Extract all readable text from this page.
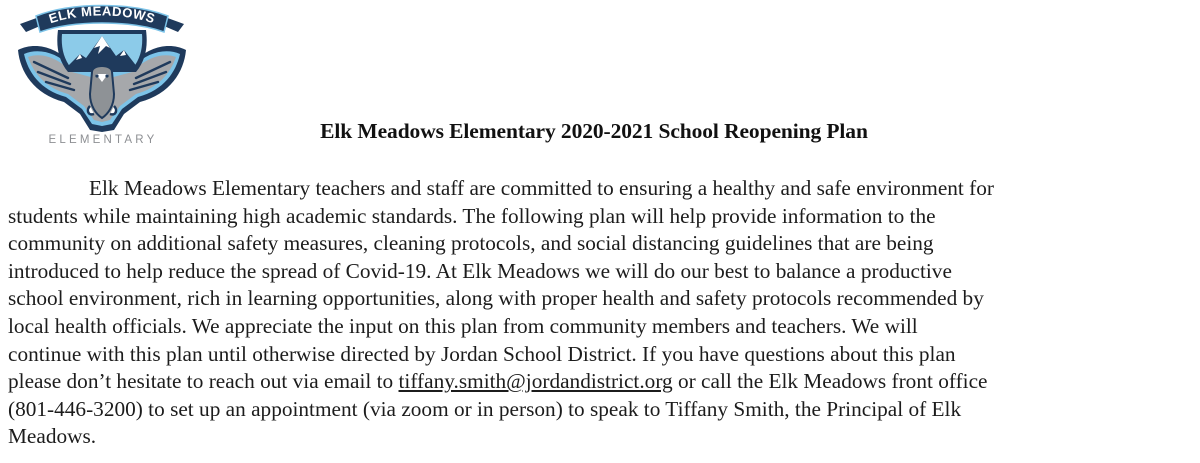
ELK MEADOWS
ELEMENTARY	Elk Meadows Elementary 2020-2021 School Reopening Plan
Elk Meadows Elementary teachers and staff are committed to ensuring a healthy and safe environment for
students while maintaining high academic standards. The following plan will help provide information to the
community on additional safety measures, cleaning protocols, and social distancing guidelines that are being
introduced to help reduce the spread of Covid-19. At Elk Meadows we will do our best to balance a productive
school environment, rich in learning opportunities, along with proper health and safety protocols recommended by
local health officials. We appreciate the input on this plan from community members and teachers. We will
continue with this plan until otherwise directed by Jordan School District. If you have questions about this plan
please don’t hesitate to reach out via email to tiffany.smith@jordandistrict.org or call the Elk Meadows front office
(801-446-3200) to set up an appointment (via zoom or in person) to speak to Tiffany Smith, the Principal of Elk
Meadows.
